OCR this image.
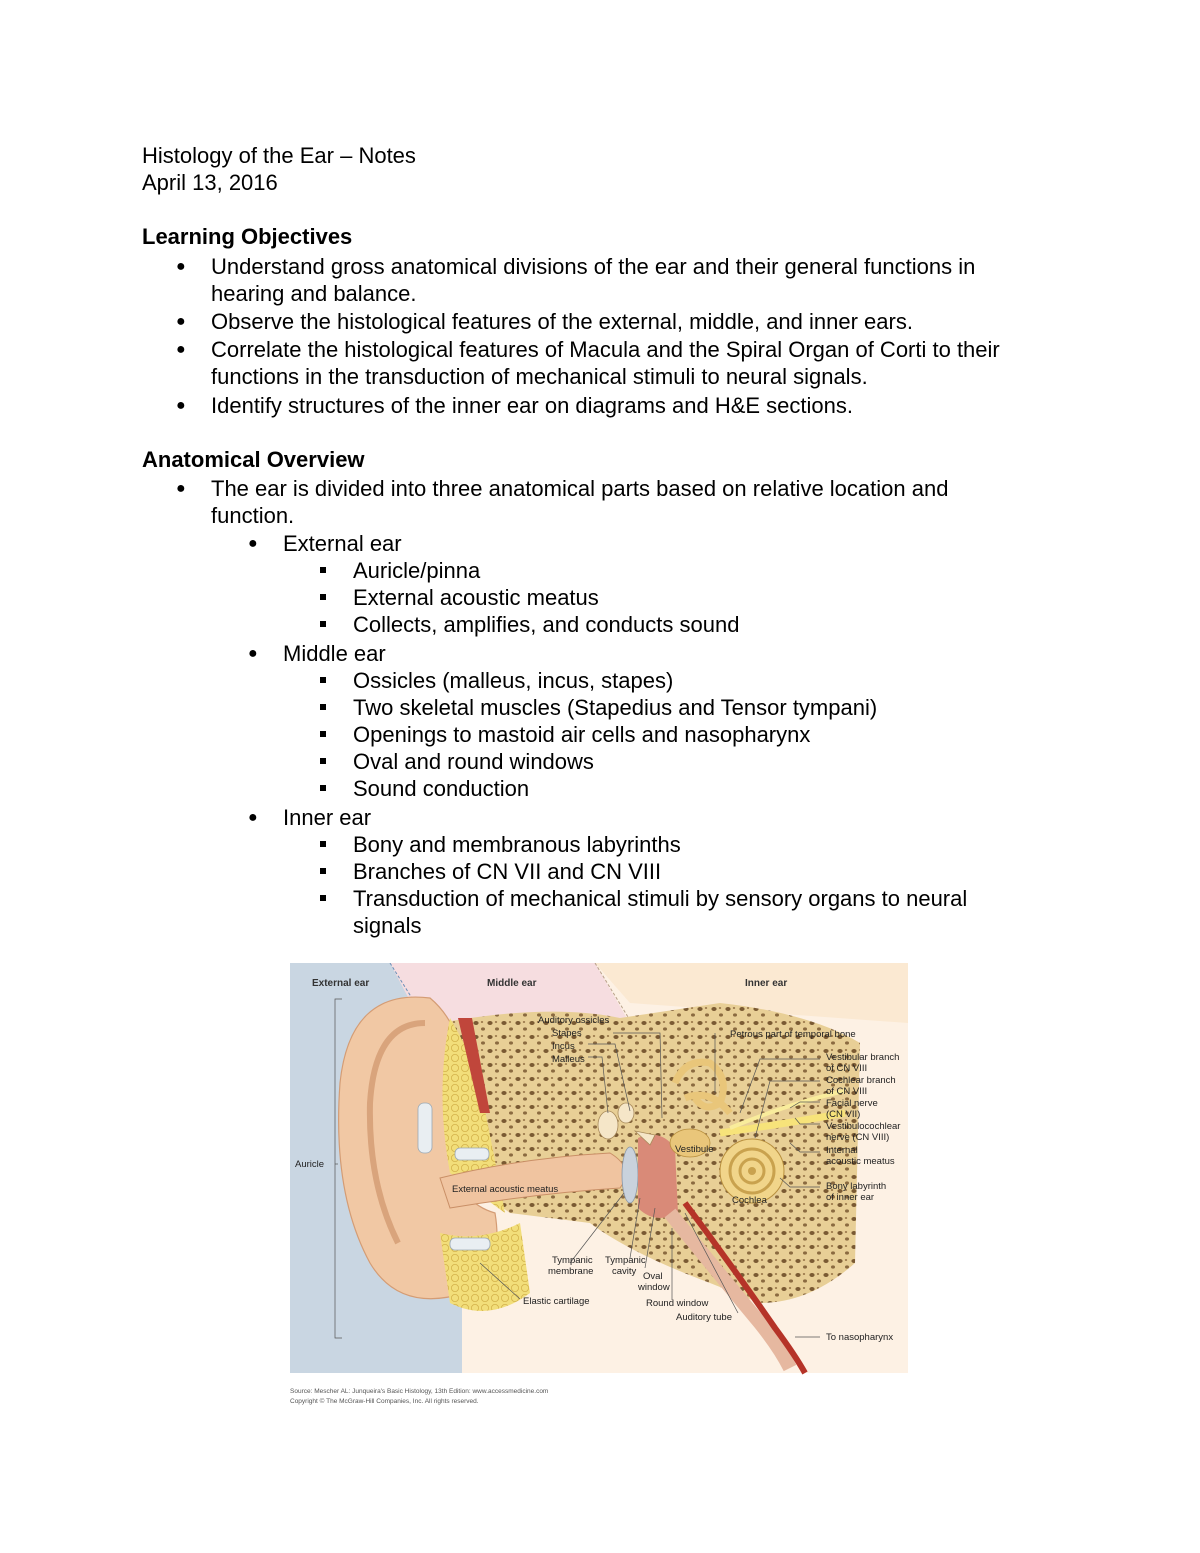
Histology of the Ear – Notes
April 13, 2016
Learning Objectives
● Understand gross anatomical divisions of the ear and their general functions in
hearing and balance.
● Observe the histological features of the external, middle, and inner ears.
● Correlate the histological features of Macula and the Spiral Organ of Corti to their
functions in the transduction of mechanical stimuli to neural signals.
● Identify structures of the inner ear on diagrams and H&E sections.
Anatomical Overview
● The ear is divided into three anatomical parts based on relative location and
function.
● External ear
Auricle/pinna
External acoustic meatus
Collects, amplifies, and conducts sound
● Middle ear
Ossicles (malleus, incus, stapes)
Two skeletal muscles (Stapedius and Tensor tympani)
Openings to mastoid air cells and nasopharynx
Oval and round windows
Sound conduction
● Inner ear
Bony and membranous labyrinths
Branches of CN VII and CN VIII
Transduction of mechanical stimuli by sensory organs to neural
signals
External ear	Middle ear	Inner ear
Auditory ossicles
Stapes
Incus
Malleus
Petrous part of temporal bone
Vestibular branch
of CN VIII
Cochlear branch
of CN VIII
Facial nerve
(CN VII)
Vestibulocochlear
nerve (CN VIII)
Internal
acoustic meatus
Bony labyrinth
of inner ear
Vestibule
Cochlea
Auricle
External acoustic meatus
Tympanic
membrane
Tympanic
cavity Oval
window
Elastic cartilage	Round window
Auditory tube
To nasopharynx
Source: Mescher AL: Junqueira's Basic Histology, 13th Edition: www.accessmedicine.com
Copyright © The McGraw-Hill Companies, Inc. All rights reserved.
